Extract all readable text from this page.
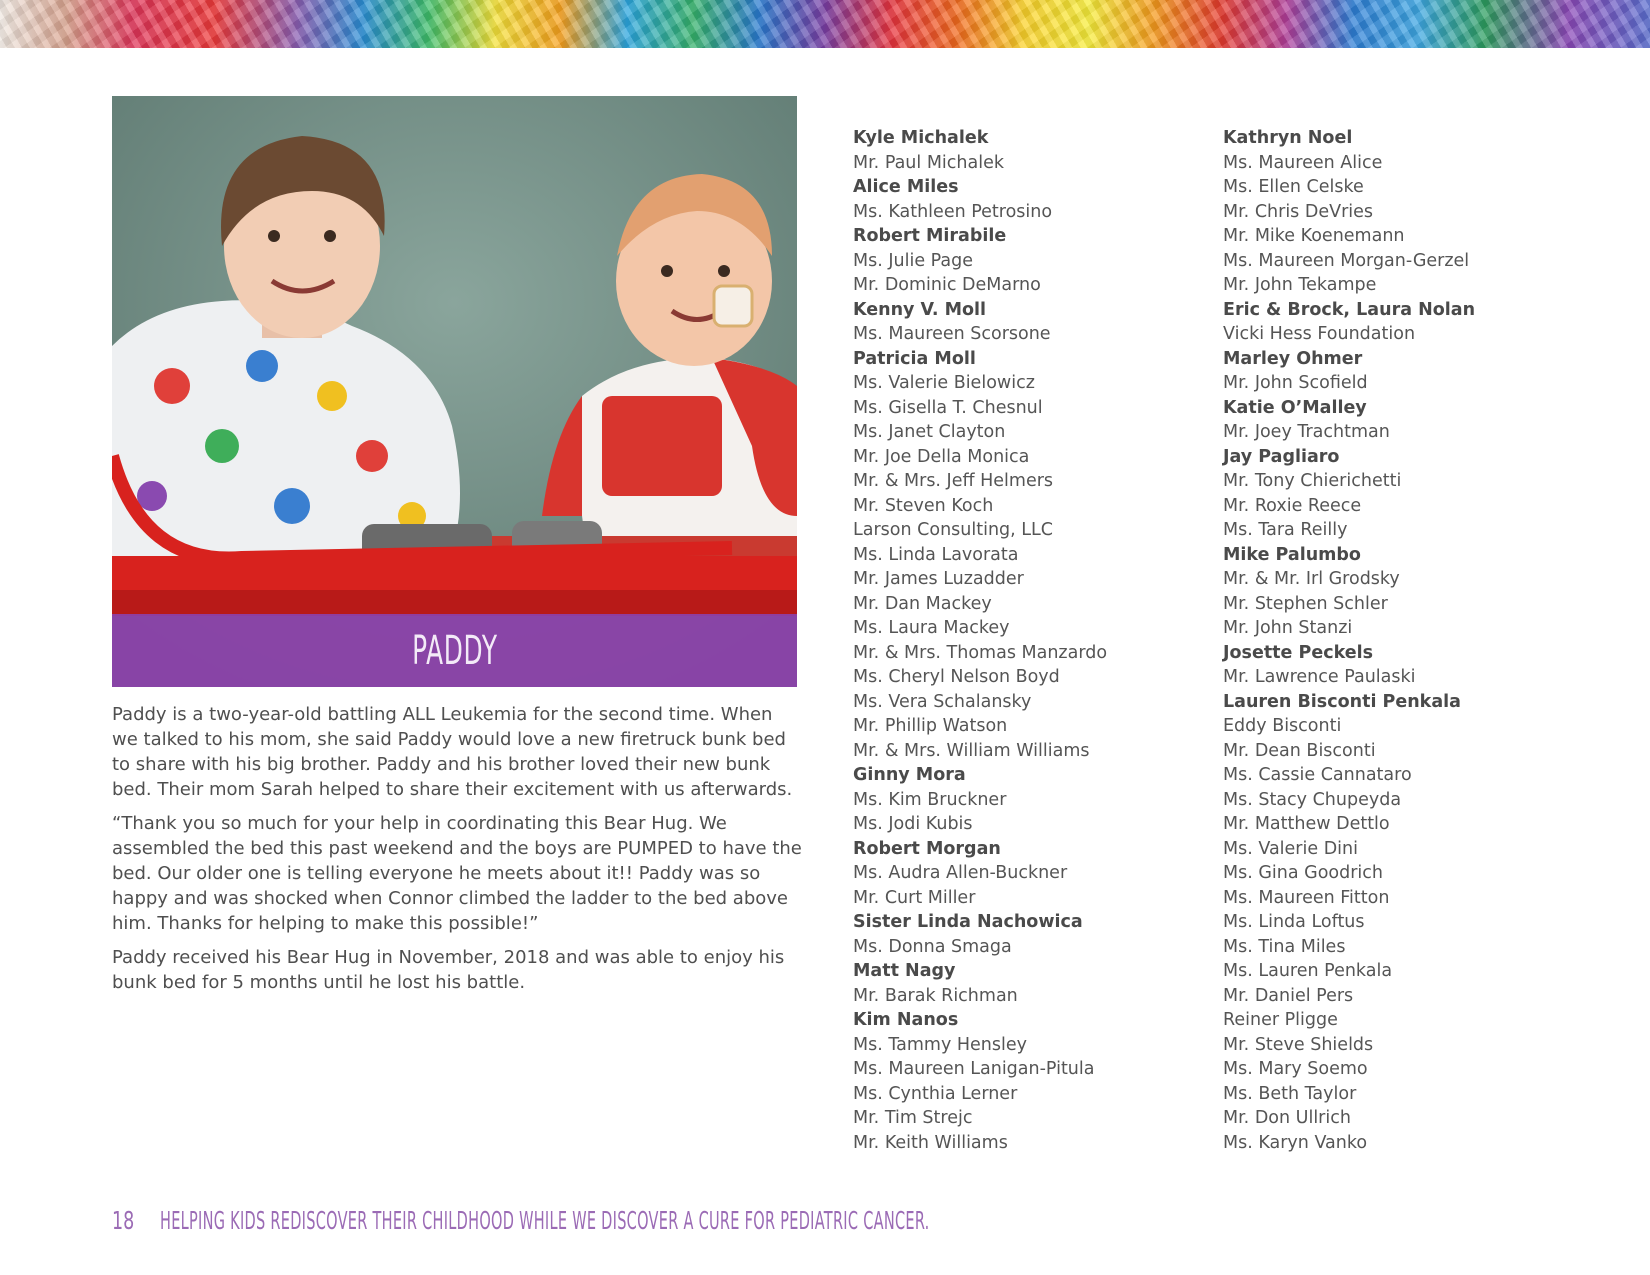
PADDY

Paddy is a two-year-old battling ALL Leukemia for the second time. When we talked to his mom, she said Paddy would love a new firetruck bunk bed to share with his big brother. Paddy and his brother loved their new bunk bed. Their mom Sarah helped to share their excitement with us afterwards.

“Thank you so much for your help in coordinating this Bear Hug. We assembled the bed this past weekend and the boys are PUMPED to have the bed. Our older one is telling everyone he meets about it!! Paddy was so happy and was shocked when Connor climbed the ladder to the bed above him. Thanks for helping to make this possible!”

Paddy received his Bear Hug in November, 2018 and was able to enjoy his bunk bed for 5 months until he lost his battle.

Kyle Michalek
Mr. Paul Michalek
Alice Miles
Ms. Kathleen Petrosino
Robert Mirabile
Ms. Julie Page
Mr. Dominic DeMarno
Kenny V. Moll
Ms. Maureen Scorsone
Patricia Moll
Ms. Valerie Bielowicz
Ms. Gisella T. Chesnul
Ms. Janet Clayton
Mr. Joe Della Monica
Mr. & Mrs. Jeff Helmers
Mr. Steven Koch
Larson Consulting, LLC
Ms. Linda Lavorata
Mr. James Luzadder
Mr. Dan Mackey
Ms. Laura Mackey
Mr. & Mrs. Thomas Manzardo
Ms. Cheryl Nelson Boyd
Ms. Vera Schalansky
Mr. Phillip Watson
Mr. & Mrs. William Williams
Ginny Mora
Ms. Kim Bruckner
Ms. Jodi Kubis
Robert Morgan
Ms. Audra Allen-Buckner
Mr. Curt Miller
Sister Linda Nachowica
Ms. Donna Smaga
Matt Nagy
Mr. Barak Richman
Kim Nanos
Ms. Tammy Hensley
Ms. Maureen Lanigan-Pitula
Ms. Cynthia Lerner
Mr. Tim Strejc
Mr. Keith Williams
Kathryn Noel
Ms. Maureen Alice
Ms. Ellen Celske
Mr. Chris DeVries
Mr. Mike Koenemann
Ms. Maureen Morgan-Gerzel
Mr. John Tekampe
Eric & Brock, Laura Nolan
Vicki Hess Foundation
Marley Ohmer
Mr. John Scofield
Katie O’Malley
Mr. Joey Trachtman
Jay Pagliaro
Mr. Tony Chierichetti
Mr. Roxie Reece
Ms. Tara Reilly
Mike Palumbo
Mr. & Mr. Irl Grodsky
Mr. Stephen Schler
Mr. John Stanzi
Josette Peckels
Mr. Lawrence Paulaski
Lauren Bisconti Penkala
Eddy Bisconti
Mr. Dean Bisconti
Ms. Cassie Cannataro
Ms. Stacy Chupeyda
Mr. Matthew Dettlo
Ms. Valerie Dini
Ms. Gina Goodrich
Ms. Maureen Fitton
Ms. Linda Loftus
Ms. Tina Miles
Ms. Lauren Penkala
Mr. Daniel Pers
Reiner Pligge
Mr. Steve Shields
Ms. Mary Soemo
Ms. Beth Taylor
Mr. Don Ullrich
Ms. Karyn Vanko
18 HELPING KIDS REDISCOVER THEIR CHILDHOOD WHILE WE DISCOVER A CURE FOR PEDIATRIC CANCER.
